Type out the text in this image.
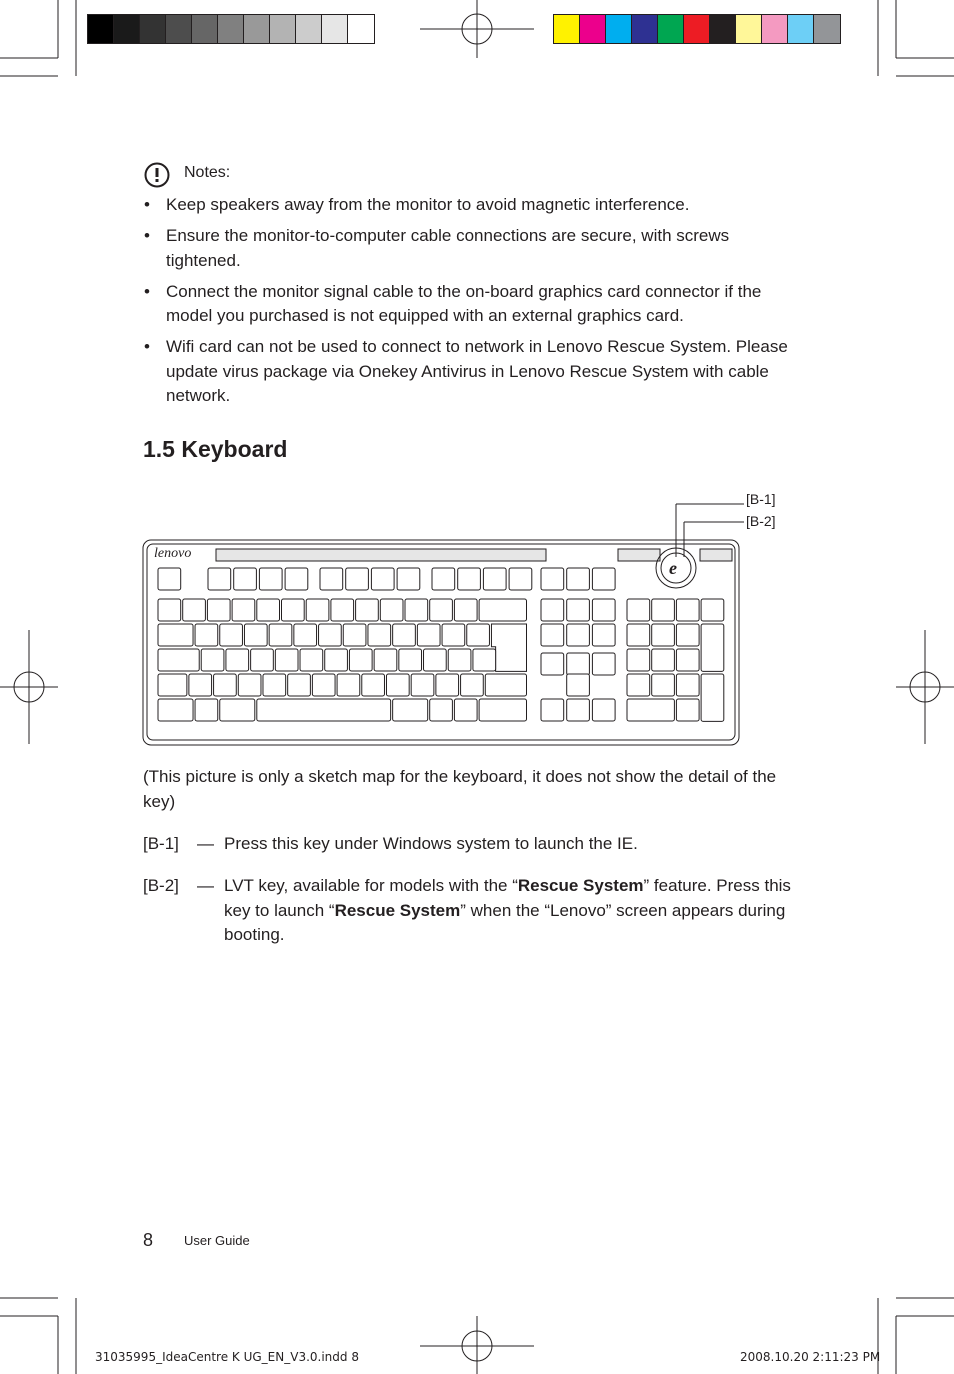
Notes:
• Keep speakers away from the monitor to avoid magnetic interference.
• Ensure the monitor-to-computer cable connections are secure, with screws tightened.
• Connect the monitor signal cable to the on-board graphics card connector if the model you purchased is not equipped with an external graphics card.
• Wifi card can not be used to connect to network in Lenovo Rescue System. Please update virus package via Onekey Antivirus in Lenovo Rescue System with cable network.
1.5 Keyboard
[B-1]
[B-2]
lenovo
e
(This picture is only a sketch map for the keyboard, it does not show the detail of the key)
[B-1] — Press this key under Windows system to launch the IE.
[B-2] — LVT key, available for models with the “Rescue System” feature. Press this key to launch “Rescue System” when the “Lenovo” screen appears during booting.
8 User Guide
31035995_IdeaCentre K UG_EN_V3.0.indd 8	2008.10.20 2:11:23 PM
